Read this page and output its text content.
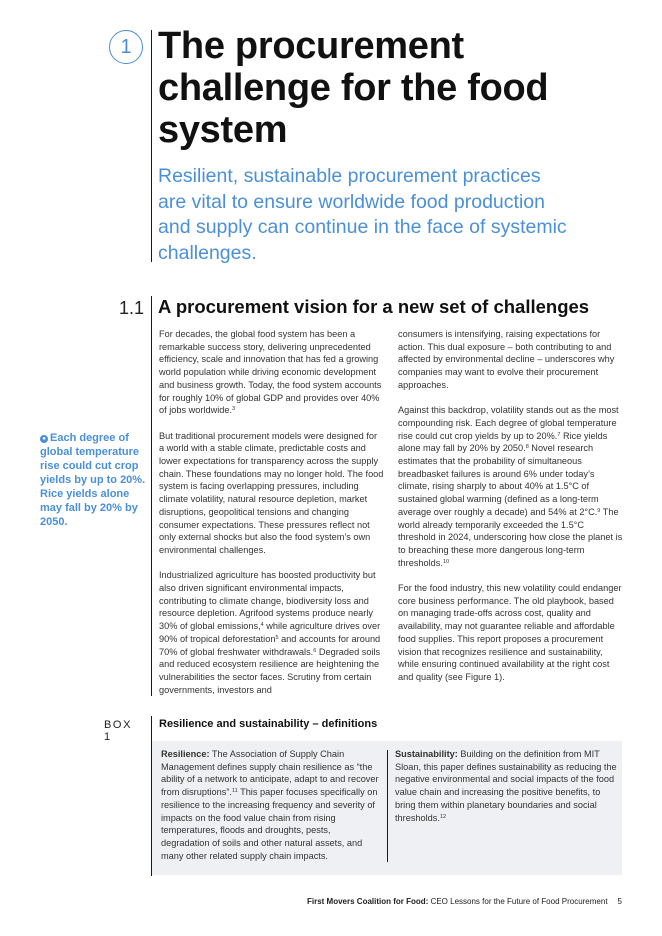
1 The procurement challenge for the food system

Resilient, sustainable procurement practices are vital to ensure worldwide food production and supply can continue in the face of systemic challenges.

1.1 A procurement vision for a new set of challenges
● Each degree of global temperature rise could cut crop yields by up to 20%. Rice yields alone may fall by 20% by 2050.

For decades, the global food system has been a remarkable success story, delivering unprecedented efficiency, scale and innovation that has fed a growing world population while driving economic development and business growth. Today, the food system accounts for roughly 10% of global GDP and provides over 40% of jobs worldwide.$^3$

But traditional procurement models were designed for a world with a stable climate, predictable costs and lower expectations for transparency across the supply chain. These foundations may no longer hold. The food system is facing overlapping pressures, including climate volatility, natural resource depletion, market disruptions, geopolitical tensions and changing consumer expectations. These pressures reflect not only external shocks but also the food system’s own environmental challenges.

Industrialized agriculture has boosted productivity but also driven significant environmental impacts, contributing to climate change, biodiversity loss and resource depletion. Agrifood systems produce nearly 30% of global emissions,$^4$ while agriculture drives over 90% of tropical deforestation$^5$ and accounts for around 70% of global freshwater withdrawals.$^6$ Degraded soils and reduced ecosystem resilience are heightening the vulnerabilities the sector faces. Scrutiny from certain governments, investors and

consumers is intensifying, raising expectations for action. This dual exposure – both contributing to and affected by environmental decline – underscores why companies may want to evolve their procurement approaches.

Against this backdrop, volatility stands out as the most compounding risk. Each degree of global temperature rise could cut crop yields by up to 20%.$^7$ Rice yields alone may fall by 20% by 2050.$^8$ Novel research estimates that the probability of simultaneous breadbasket failures is around 6% under today’s climate, rising sharply to about 40% at 1.5°C of sustained global warming (defined as a long-term average over roughly a decade) and 54% at 2°C.$^9$ The world already temporarily exceeded the 1.5°C threshold in 2024, underscoring how close the planet is to breaching these more dangerous long-term thresholds.$^{10}$

For the food industry, this new volatility could endanger core business performance. The old playbook, based on managing trade-offs across cost, quality and availability, may not guarantee reliable and affordable food supplies. This report proposes a procurement vision that recognizes resilience and sustainability, while ensuring continued availability at the right cost and quality (see Figure 1).

BOX 1
Resilience and sustainability – definitions
Resilience: The Association of Supply Chain Management defines supply chain resilience as “the ability of a network to anticipate, adapt to and recover from disruptions”.$^{11}$ This paper focuses specifically on resilience to the increasing frequency and severity of impacts on the food value chain from rising temperatures, floods and droughts, pests, degradation of soils and other natural assets, and many other related supply chain impacts.
Sustainability: Building on the definition from MIT Sloan, this paper defines sustainability as reducing the negative environmental and social impacts of the food value chain and increasing the positive benefits, to bring them within planetary boundaries and social thresholds.$^{12}$
First Movers Coalition for Food: CEO Lessons for the Future of Food Procurement 5
